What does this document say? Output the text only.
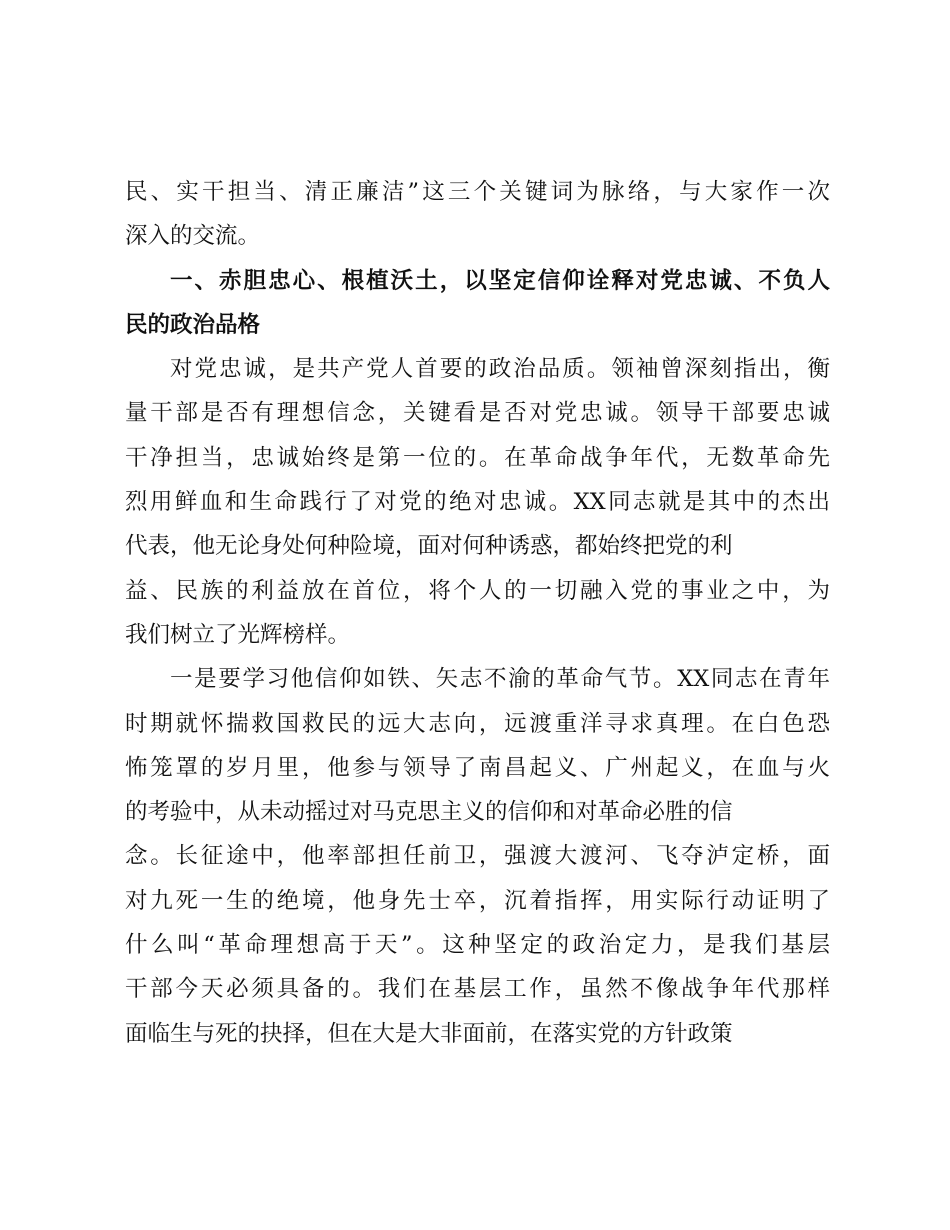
民、实干担当、清正廉洁”这三个关键词为脉络，与大家作一次
深入的交流。
一、赤胆忠心、根植沃土，以坚定信仰诠释对党忠诚、不负人
民的政治品格
对党忠诚，是共产党人首要的政治品质。领袖曾深刻指出，衡
量干部是否有理想信念，关键看是否对党忠诚。领导干部要忠诚
干净担当，忠诚始终是第一位的。在革命战争年代，无数革命先
烈用鲜血和生命践行了对党的绝对忠诚。XX同志就是其中的杰出
代表，他无论身处何种险境，面对何种诱惑，都始终把党的利
益、民族的利益放在首位，将个人的一切融入党的事业之中，为
我们树立了光辉榜样。
一是要学习他信仰如铁、矢志不渝的革命气节。XX同志在青年
时期就怀揣救国救民的远大志向，远渡重洋寻求真理。在白色恐
怖笼罩的岁月里，他参与领导了南昌起义、广州起义，在血与火
的考验中，从未动摇过对马克思主义的信仰和对革命必胜的信
念。长征途中，他率部担任前卫，强渡大渡河、飞夺泸定桥，面
对九死一生的绝境，他身先士卒，沉着指挥，用实际行动证明了
什么叫“革命理想高于天”。这种坚定的政治定力，是我们基层
干部今天必须具备的。我们在基层工作，虽然不像战争年代那样
面临生与死的抉择，但在大是大非面前，在落实党的方针政策
